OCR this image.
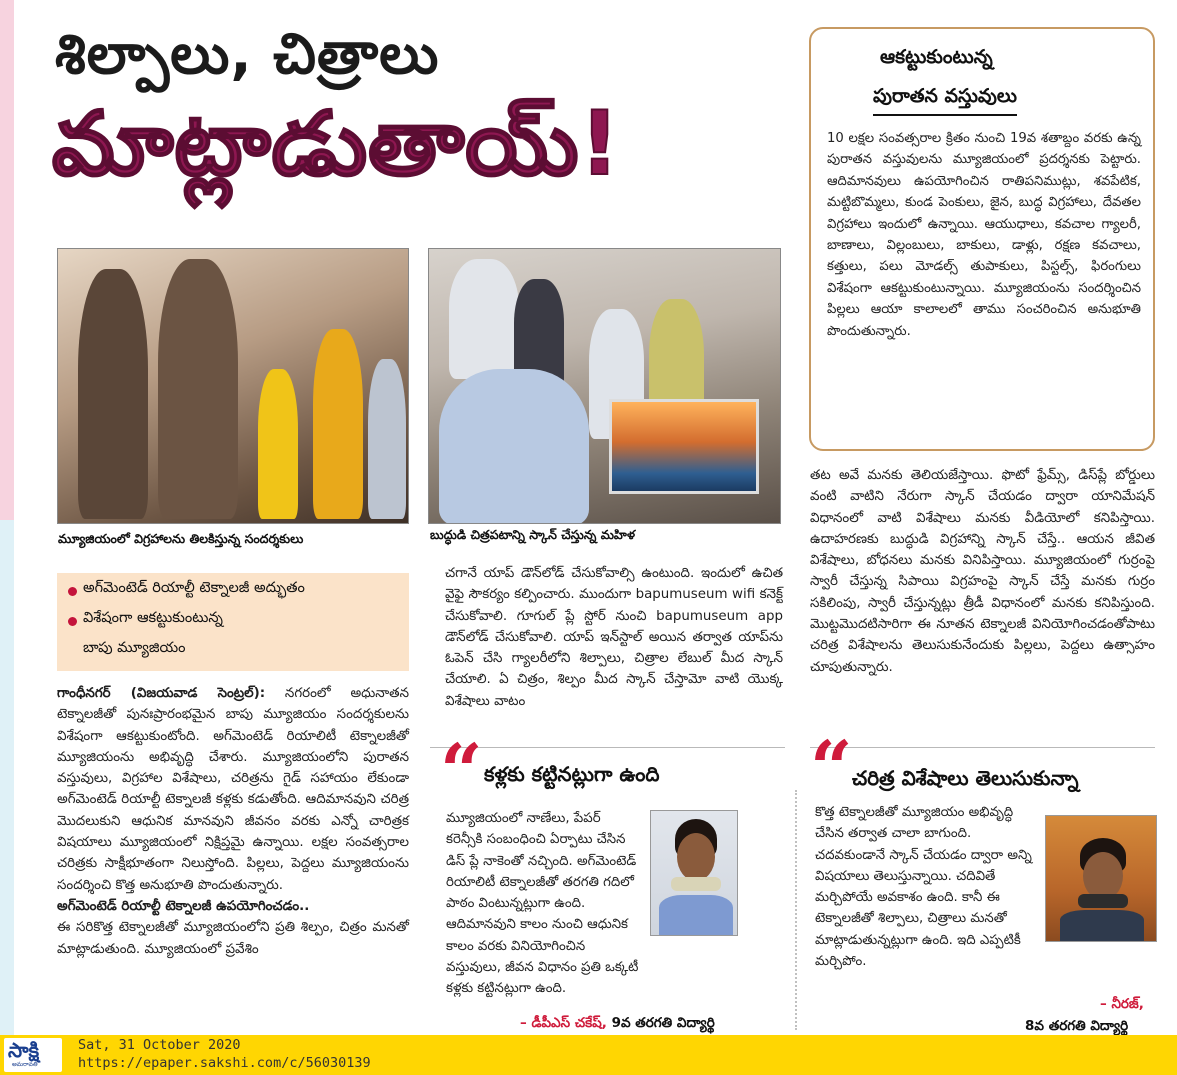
శిల్పాలు, చిత్రాలు
మాట్లాడుతాయ్!
మ్యూజియంలో విగ్రహాలను తిలకిస్తున్న సందర్శకులు	బుద్ధుడి చిత్రపటాన్ని స్కాన్ చేస్తున్న మహిళ
ఆకట్టుకుంటున్న
పురాతన వస్తువులు
10 లక్షల సంవత్సరాల క్రితం నుంచి 19వ శతాబ్దం వరకు ఉన్న పురాతన వస్తువులను మ్యూజియంలో ప్రదర్శనకు పెట్టారు. ఆదిమానవులు ఉపయోగించిన రాతిపనిముట్లు, శవపేటిక, మట్టిబొమ్మలు, కుండ పెంకులు, జైన, బుద్ధ విగ్రహాలు, దేవతల విగ్రహాలు ఇందులో ఉన్నాయి. ఆయుధాలు, కవచాల గ్యాలరీ, బాణాలు, విల్లంబులు, బాకులు, డాళ్లు, రక్షణ కవచాలు, కత్తులు, పలు మోడల్స్ తుపాకులు, పిస్టల్స్, ఫిరంగులు విశేషంగా ఆకట్టుకుంటున్నాయి. మ్యూజియంను సందర్శించిన పిల్లలు ఆయా కాలాలలో తాము సంచరించిన అనుభూతి పొందుతున్నారు.
అగ్‌మెంటెడ్ రియాల్టీ టెక్నాలజీ అద్భుతం
విశేషంగా ఆకట్టుకుంటున్న
బాపు మ్యూజియం
గాంధీనగర్ (విజయవాడ సెంట్రల్): నగరంలో అధునాతన టెక్నాలజీతో పునఃప్రారంభమైన బాపు మ్యూజియం సందర్శకులను విశేషంగా ఆకట్టుకుంటోంది. అగ్‌మెంటెడ్ రియాలిటీ టెక్నాలజీతో మ్యూజియంను అభివృద్ధి చేశారు. మ్యూజియంలోని పురాతన వస్తువులు, విగ్రహాల విశేషాలు, చరిత్రను గైడ్ సహాయం లేకుండా అగ్‌మెంటెడ్ రియాల్టీ టెక్నాలజీ కళ్లకు కడుతోంది. ఆదిమానవుని చరిత్ర మొదలుకుని ఆధునిక మానవుని జీవనం వరకు ఎన్నో చారిత్రక విషయాలు మ్యూజియంలో నిక్షిప్తమై ఉన్నాయి. లక్షల సంవత్సరాల చరిత్రకు సాక్షీభూతంగా నిలుస్తోంది. పిల్లలు, పెద్దలు మ్యూజియంను సందర్శించి కొత్త అనుభూతి పొందుతున్నారు.
అగ్‌మెంటెడ్ రియాల్టీ టెక్నాలజీ ఉపయోగించడం..
ఈ సరికొత్త టెక్నాలజీతో మ్యూజియంలోని ప్రతి శిల్పం, చిత్రం మనతో మాట్లాడుతుంది. మ్యూజియంలో ప్రవేశిం
చగానే యాప్ డౌన్‌లోడ్ చేసుకోవాల్సి ఉంటుంది. ఇందులో ఉచిత వైఫై సౌకర్యం కల్పించారు. ముందుగా bapumuseum wifi కనెక్ట్ చేసుకోవాలి. గూగుల్ ప్లే స్టోర్ నుంచి bapumuseum app డౌన్‌లోడ్ చేసుకోవాలి. యాప్ ఇన్‌స్టాల్ అయిన తర్వాత యాప్‌ను ఓపెన్ చేసి గ్యాలరీలోని శిల్పాలు, చిత్రాల లేబుల్ మీద స్కాన్ చేయాలి. ఏ చిత్రం, శిల్పం మీద స్కాన్ చేస్తామో వాటి యొక్క విశేషాలు వాటం
తట అవే మనకు తెలియజేస్తాయి. ఫొటో ఫ్రేమ్స్, డిస్‌ప్లే బోర్డులు వంటి వాటిని నేరుగా స్కాన్ చేయడం ద్వారా యానిమేషన్ విధానంలో వాటి విశేషాలు మనకు వీడియోలో కనిపిస్తాయి. ఉదాహరణకు బుద్ధుడి విగ్రహాన్ని స్కాన్ చేస్తే.. ఆయన జీవిత విశేషాలు, బోధనలు మనకు వినిపిస్తాయి. మ్యూజియంలో గుర్రంపై స్వారీ చేస్తున్న సిపాయి విగ్రహంపై స్కాన్ చేస్తే మనకు గుర్రం సకిలింపు, స్వారీ చేస్తున్నట్లు త్రీడీ విధానంలో మనకు కనిపిస్తుంది. మొట్టమొదటిసారిగా ఈ నూతన టెక్నాలజీ వినియోగించడంతోపాటు చరిత్ర విశేషాలను తెలుసుకునేందుకు పిల్లలు, పెద్దలు ఉత్సాహం చూపుతున్నారు.
“ కళ్లకు కట్టినట్లుగా ఉంది
మ్యూజియంలో నాణేలు, పేపర్ కరెన్సీకి సంబంధించి ఏర్పాటు చేసిన డిస్ ప్లే నాకెంతో నచ్చింది. అగ్‌మెంటెడ్ రియాలిటీ టెక్నాలజీతో తరగతి గదిలో పాఠం వింటున్నట్లుగా ఉంది. ఆదిమానవుని కాలం నుంచి ఆధునిక కాలం వరకు వినియోగించిన వస్తువులు, జీవన విధానం ప్రతి ఒక్కటీ కళ్లకు కట్టినట్లుగా ఉంది.
– డీపీఎస్ చకేష్, 9వ తరగతి విద్యార్థి
“ చరిత్ర విశేషాలు తెలుసుకున్నా
కొత్త టెక్నాలజీతో మ్యూజియం అభివృద్ధి చేసిన తర్వాత చాలా బాగుంది. చదవకుండానే స్కాన్ చేయడం ద్వారా అన్ని విషయాలు తెలుస్తున్నాయి. చదివితే మర్చిపోయే అవకాశం ఉంది. కానీ ఈ టెక్నాలజీతో శిల్పాలు, చిత్రాలు మనతో మాట్లాడుతున్నట్లుగా ఉంది. ఇది ఎప్పటికీ మర్చిపోం.
– నీరజ్,
8వ తరగతి విద్యార్థి
సాక్షి
అమరావతి
Sat, 31 October 2020
https://epaper.sakshi.com/c/56030139
